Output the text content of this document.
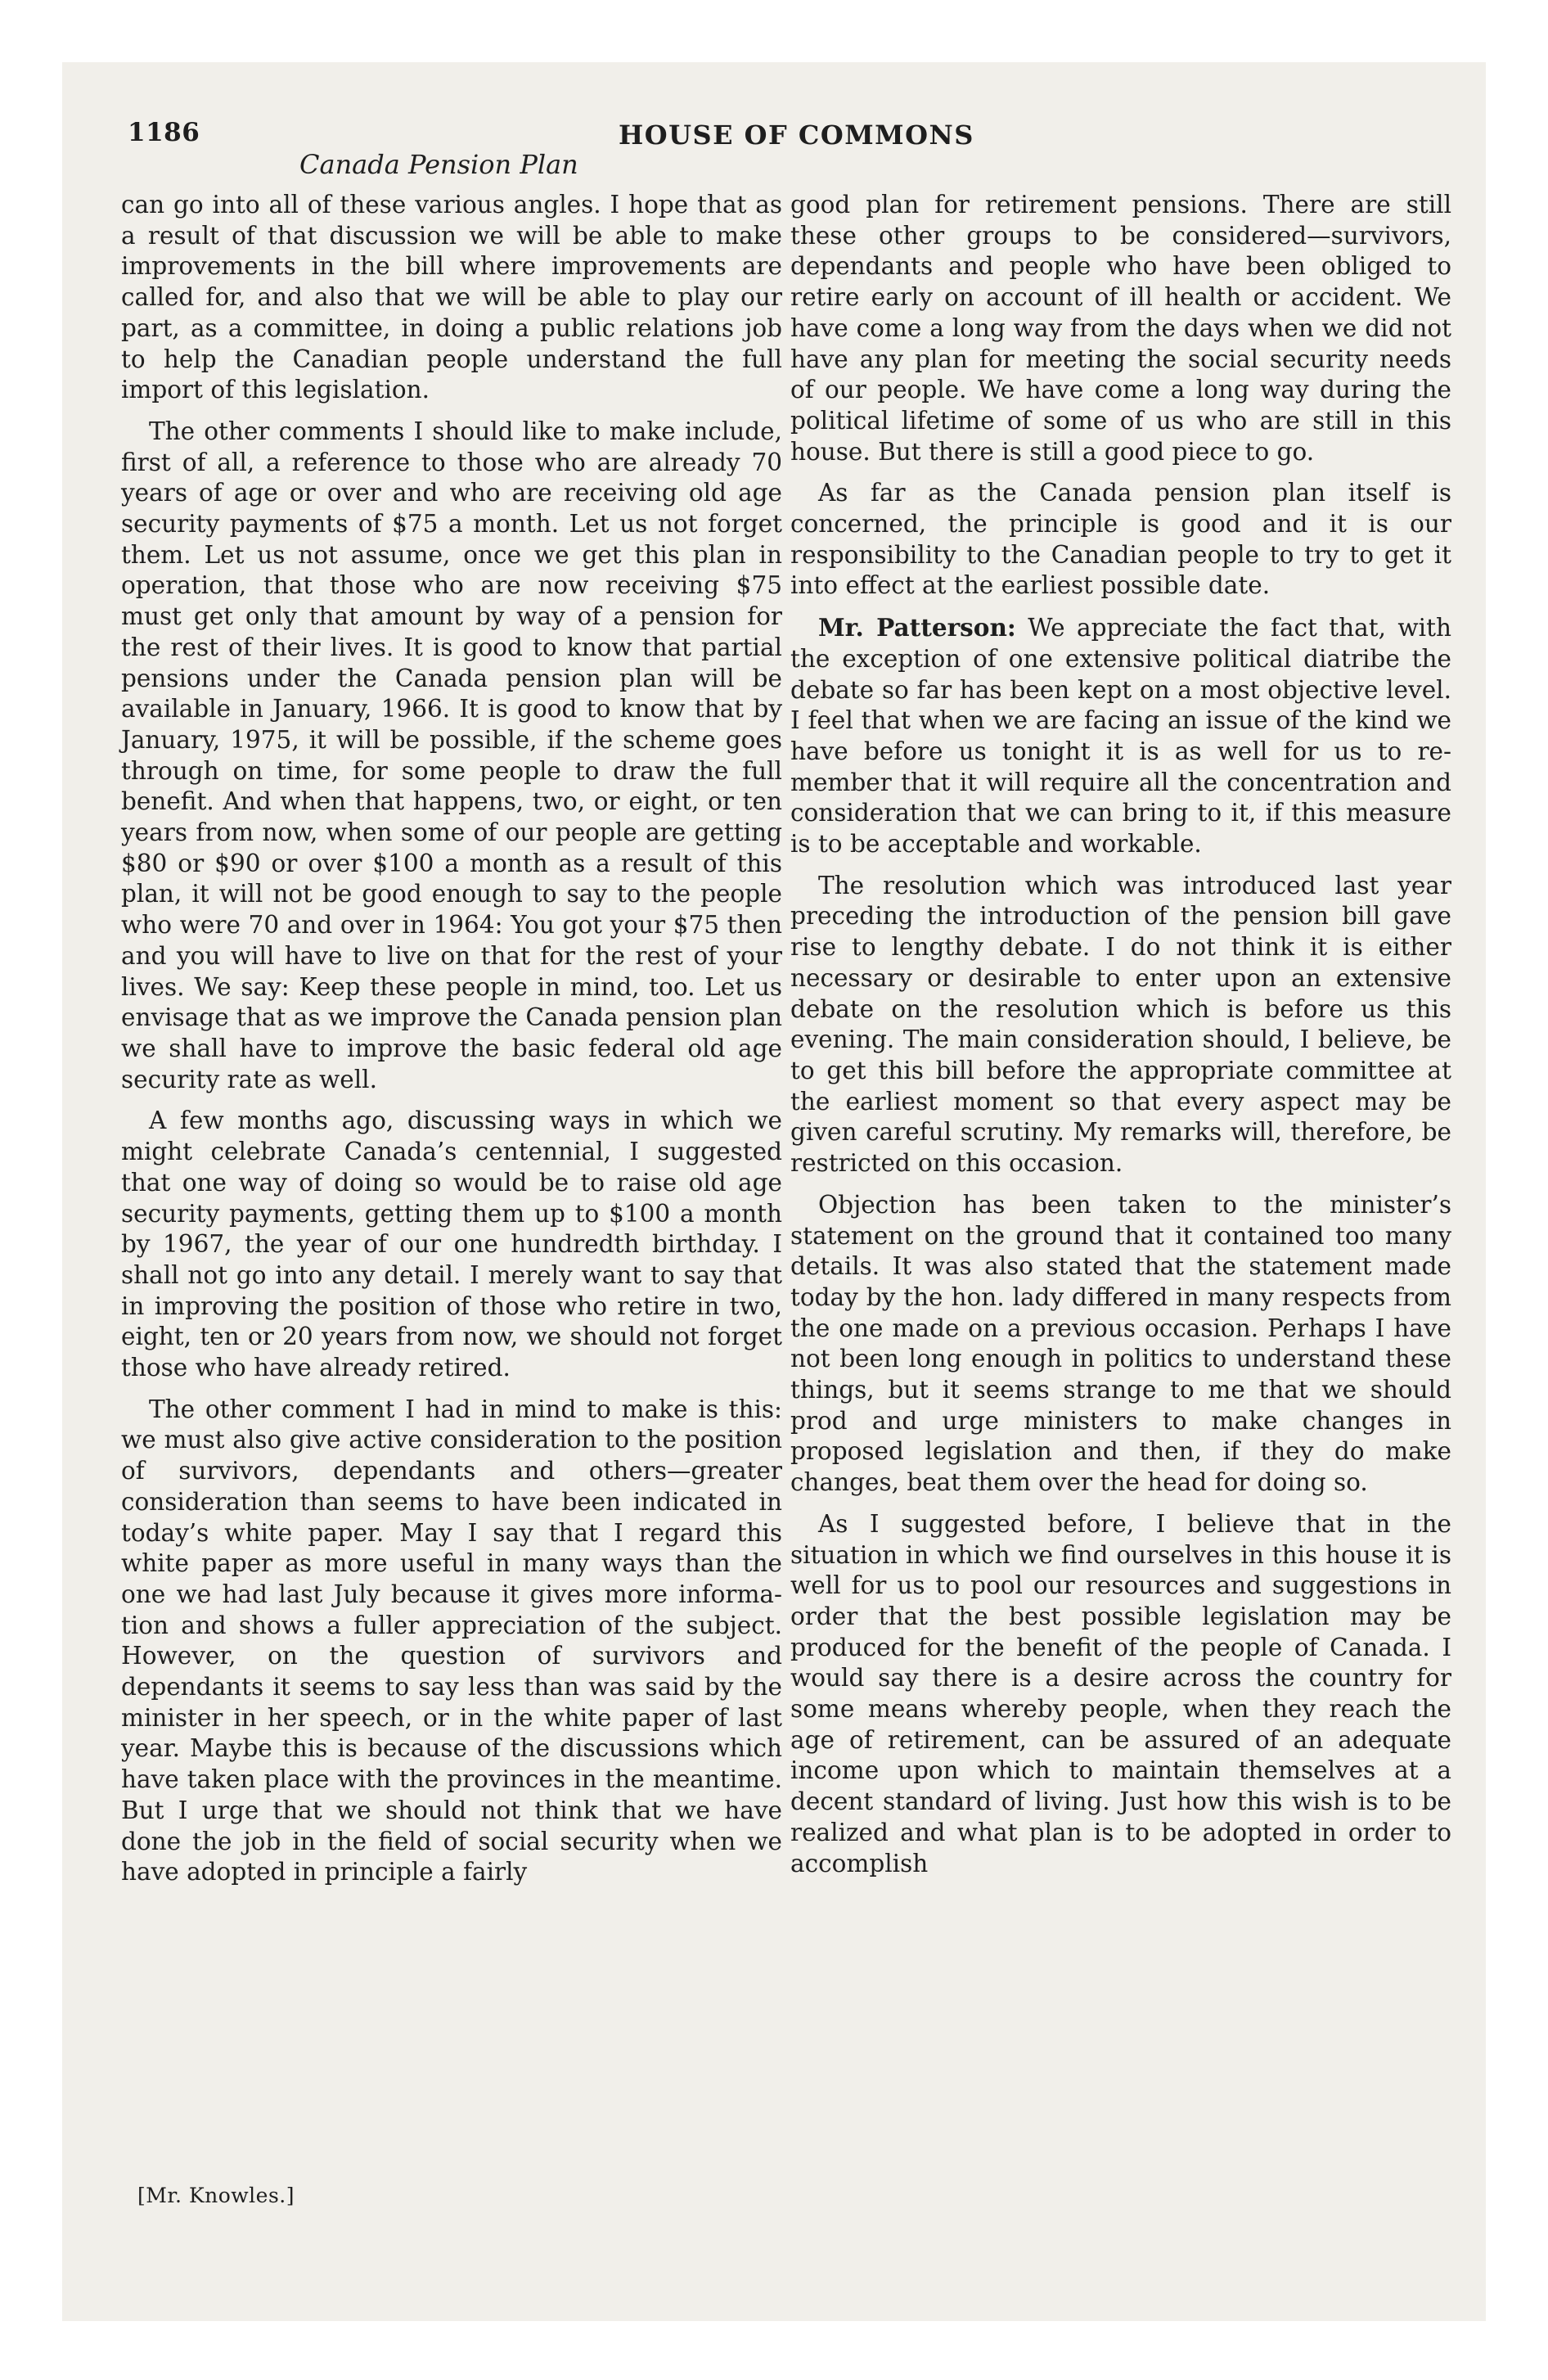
1186	HOUSE OF COMMONS
Canada Pension Plan

can go into all of these various angles. I hope that as a result of that discussion we will be able to make improvements in the bill where improvements are called for, and also that we will be able to play our part, as a committee, in doing a public relations job to help the Canadian people understand the full import of this legislation.

The other comments I should like to make include, first of all, a reference to those who are already 70 years of age or over and who are receiving old age security payments of $75 a month. Let us not forget them. Let us not assume, once we get this plan in operation, that those who are now receiving $75 must get only that amount by way of a pension for the rest of their lives. It is good to know that partial pensions under the Canada pension plan will be available in January, 1966. It is good to know that by January, 1975, it will be possible, if the scheme goes through on time, for some people to draw the full benefit. And when that happens, two, or eight, or ten years from now, when some of our people are getting $80 or $90 or over $100 a month as a result of this plan, it will not be good enough to say to the people who were 70 and over in 1964: You got your $75 then and you will have to live on that for the rest of your lives. We say: Keep these people in mind, too. Let us envisage that as we improve the Canada pension plan we shall have to improve the basic federal old age security rate as well.

A few months ago, discussing ways in which we might celebrate Canada’s centennial, I suggested that one way of doing so would be to raise old age security payments, getting them up to $100 a month by 1967, the year of our one hundredth birthday. I shall not go into any detail. I merely want to say that in improving the position of those who retire in two, eight, ten or 20 years from now, we should not forget those who have already retired.

The other comment I had in mind to make is this: we must also give active consideration to the position of survivors, dependants and others—greater consideration than seems to have been indicated in today’s white paper. May I say that I regard this white paper as more useful in many ways than the one we had last July because it gives more information and shows a fuller appreciation of the subject. However, on the question of survivors and dependants it seems to say less than was said by the minister in her speech, or in the white paper of last year. Maybe this is because of the discussions which have taken place with the provinces in the meantime. But I urge that we should not think that we have done the job in the field of social security when we have adopted in principle a fairly

good plan for retirement pensions. There are still these other groups to be considered—survivors, dependants and people who have been obliged to retire early on account of ill health or accident. We have come a long way from the days when we did not have any plan for meeting the social security needs of our people. We have come a long way during the political lifetime of some of us who are still in this house. But there is still a good piece to go.

As far as the Canada pension plan itself is concerned, the principle is good and it is our responsibility to the Canadian people to try to get it into effect at the earliest possible date.

Mr. Patterson: We appreciate the fact that, with the exception of one extensive political diatribe the debate so far has been kept on a most objective level. I feel that when we are facing an issue of the kind we have before us tonight it is as well for us to remember that it will require all the concentration and consideration that we can bring to it, if this measure is to be acceptable and workable.

The resolution which was introduced last year preceding the introduction of the pension bill gave rise to lengthy debate. I do not think it is either necessary or desirable to enter upon an extensive debate on the resolution which is before us this evening. The main consideration should, I believe, be to get this bill before the appropriate committee at the earliest moment so that every aspect may be given careful scrutiny. My remarks will, therefore, be restricted on this occasion.

Objection has been taken to the minister’s statement on the ground that it contained too many details. It was also stated that the statement made today by the hon. lady differed in many respects from the one made on a previous occasion. Perhaps I have not been long enough in politics to understand these things, but it seems strange to me that we should prod and urge ministers to make changes in proposed legislation and then, if they do make changes, beat them over the head for doing so.

As I suggested before, I believe that in the situation in which we find ourselves in this house it is well for us to pool our resources and suggestions in order that the best possible legislation may be produced for the benefit of the people of Canada. I would say there is a desire across the country for some means whereby people, when they reach the age of retirement, can be assured of an adequate income upon which to maintain themselves at a decent standard of living. Just how this wish is to be realized and what plan is to be adopted in order to accomplish

[Mr. Knowles.]
